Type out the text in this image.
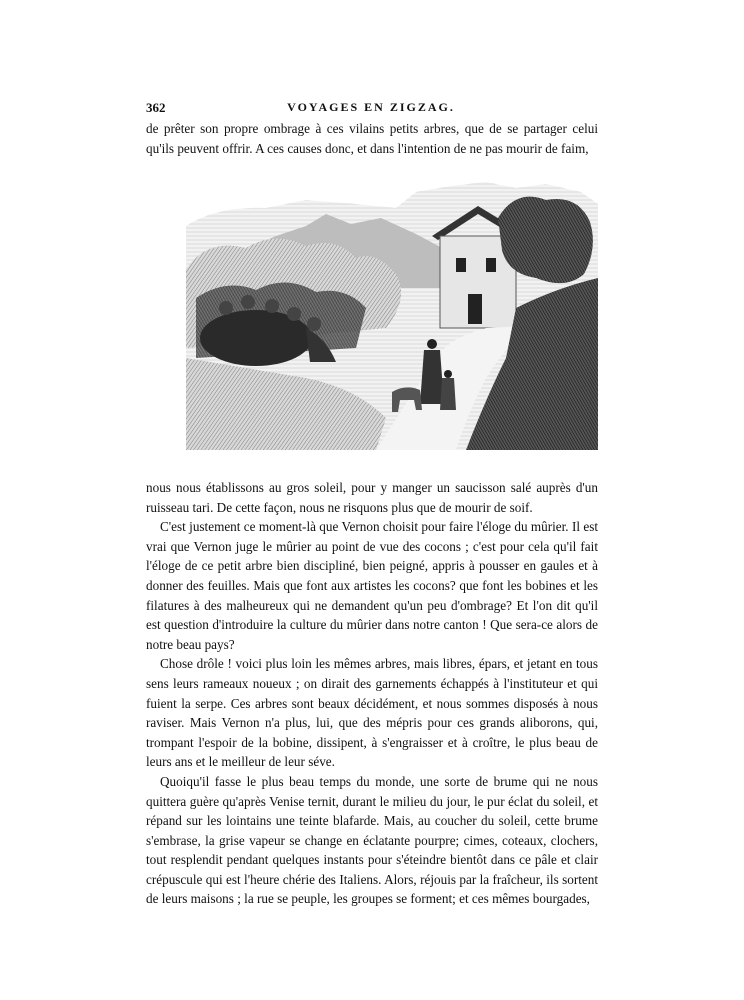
362	VOYAGES EN ZIGZAG.

de prêter son propre ombrage à ces vilains petits arbres, que de se partager celui qu'ils peuvent offrir. A ces causes donc, et dans l'intention de ne pas mourir de faim,

nous nous établissons au gros soleil, pour y manger un saucisson salé auprès d'un ruisseau tari. De cette façon, nous ne risquons plus que de mourir de soif.

C'est justement ce moment-là que Vernon choisit pour faire l'éloge du mûrier. Il est vrai que Vernon juge le mûrier au point de vue des cocons ; c'est pour cela qu'il fait l'éloge de ce petit arbre bien discipliné, bien peigné, appris à pousser en gaules et à donner des feuilles. Mais que font aux artistes les cocons? que font les bobines et les filatures à des malheureux qui ne demandent qu'un peu d'ombrage? Et l'on dit qu'il est question d'introduire la culture du mûrier dans notre canton ! Que sera-ce alors de notre beau pays?

Chose drôle ! voici plus loin les mêmes arbres, mais libres, épars, et jetant en tous sens leurs rameaux noueux ; on dirait des garnements échappés à l'instituteur et qui fuient la serpe. Ces arbres sont beaux décidément, et nous sommes disposés à nous raviser. Mais Vernon n'a plus, lui, que des mépris pour ces grands aliborons, qui, trompant l'espoir de la bobine, dissipent, à s'engraisser et à croître, le plus beau de leurs ans et le meilleur de leur séve.

Quoiqu'il fasse le plus beau temps du monde, une sorte de brume qui ne nous quittera guère qu'après Venise ternit, durant le milieu du jour, le pur éclat du soleil, et répand sur les lointains une teinte blafarde. Mais, au coucher du soleil, cette brume s'embrase, la grise vapeur se change en éclatante pourpre; cimes, coteaux, clochers, tout resplendit pendant quelques instants pour s'éteindre bientôt dans ce pâle et clair crépuscule qui est l'heure chérie des Italiens. Alors, réjouis par la fraîcheur, ils sortent de leurs maisons ; la rue se peuple, les groupes se forment; et ces mêmes bourgades,
